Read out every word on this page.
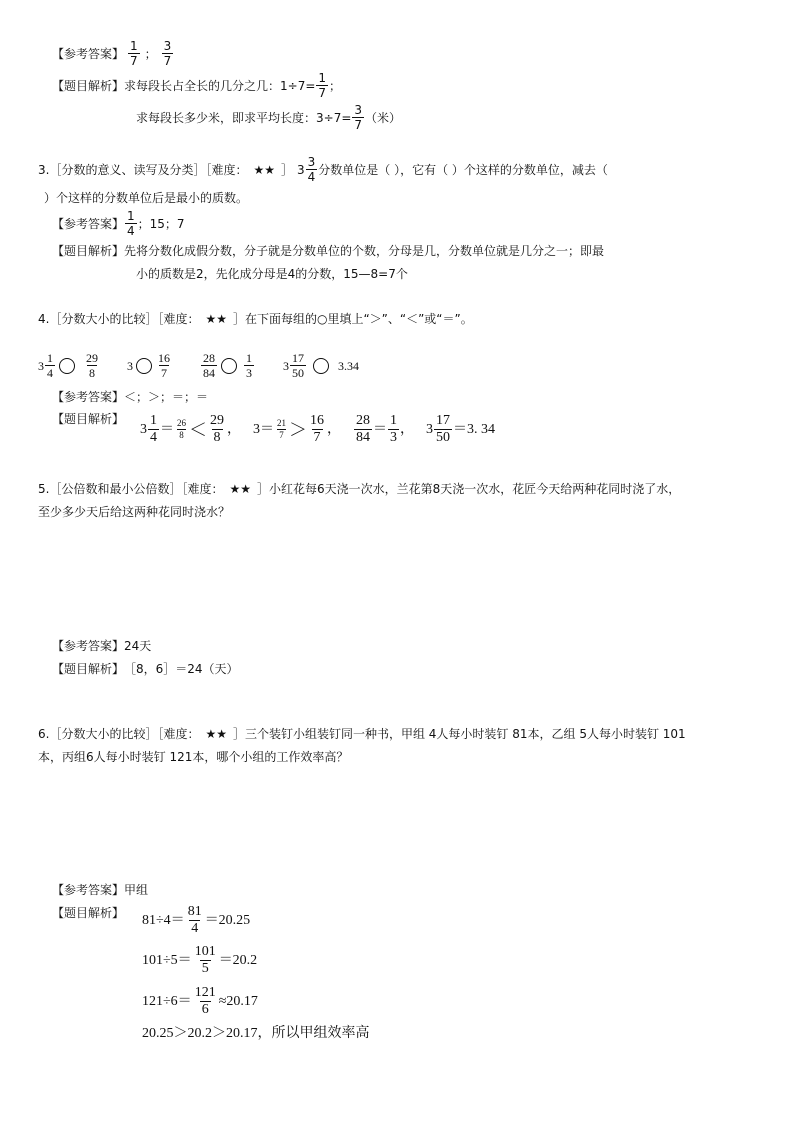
【参考答案】 $\frac{1}{7}$ ； $\frac{3}{7}$
【题目解析】 求每段长占全长的几分之几：$1\div 7= \frac{1}{7}$ ；
求每段长多少米，即求平均长度：$3\div 7= \frac{3}{7}$ （米）
3.［分数的意义、读写及分类］［难度： ★★ ］ $3 \frac{3}{4}$ 分数单位是（ ），它有（ ）个这样的分数单位，减去（
）个这样的分数单位后是最小的质数。
【参考答案】 $\frac{1}{4}$ ；15；7
【题目解析】 先将分数化成假分数，分子就是分数单位的个数，分母是几，分数单位就是几分之一；即最
小的质数是2，先化成分母是4的分数，15—8=7个
4.［分数大小的比较］［难度： ★★ ］在下面每组的○里填上“＞”、“＜”或“＝”。
$3 \frac{1}{4} \frac{29}{8} 3 \frac{16}{7} \frac{28}{84} \frac{1}{3} 3 \frac{17}{50}$	3.34
【参考答案】 ＜；＞；＝；＝
【题目解析】
$3 \frac{1}{4} = \frac{26}{8} < \frac{29}{8}$ ， $3 = \frac{21}{7} > \frac{16}{7}$ ， $\frac{28}{84} = \frac{1}{3}$ ， $3 \frac{17}{50} = 3$. 34
5.［公倍数和最小公倍数］［难度： ★★ ］小红花每6天浇一次水，兰花第8天浇一次水，花匠今天给两种花同时浇了水，
至少多少天后给这两种花同时浇水？
【参考答案】 24天
【题目解析】 ［8，6］＝24（天）
6.［分数大小的比较］［难度： ★★ ］三个装钉小组装钉同一种书，甲组 4人每小时装钉 81本，乙组 5人每小时装钉 101
本，丙组6人每小时装钉 121本，哪个小组的工作效率高？
【参考答案】 甲组
【题目解析】 $81\div 4= \frac{81}{4} =20.25$
$101\div 5= \frac{101}{5} =20.2$
$121\div 6= \frac{121}{6} \approx 20.17$
20.25＞20.2＞20.17，所以甲组效率高
